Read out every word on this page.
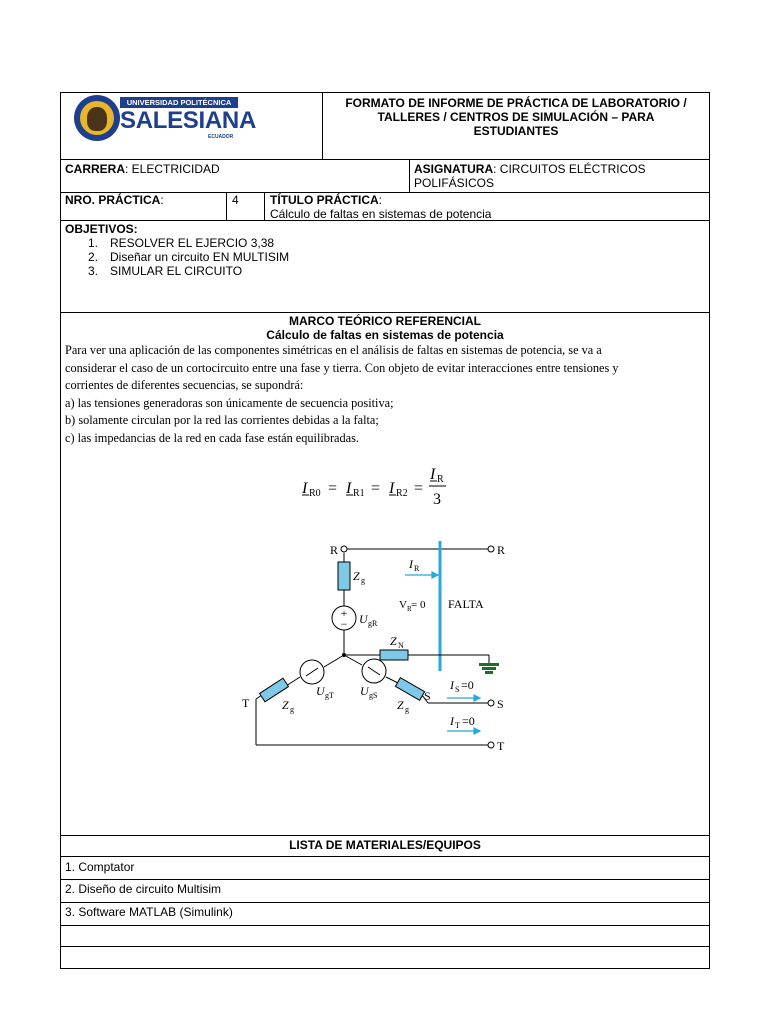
UNIVERSIDAD POLITÉCNICA
SALESIANA
ECUADOR
FORMATO DE INFORME DE PRÁCTICA DE LABORATORIO /
TALLERES / CENTROS DE SIMULACIÓN – PARA
ESTUDIANTES
CARRERA: ELECTRICIDAD	ASIGNATURA: CIRCUITOS ELÉCTRICOS
POLIFÁSICOS
NRO. PRÁCTICA:	4	TÍTULO PRÁCTICA:
Cálculo de faltas en sistemas de potencia
OBJETIVOS:
1. RESOLVER EL EJERCIO 3,38
2. Diseñar un circuito EN MULTISIM
3. SIMULAR EL CIRCUITO
MARCO TEÓRICO REFERENCIAL
Cálculo de faltas en sistemas de potencia
Para ver una aplicación de las componentes simétricas en el análisis de faltas en sistemas de potencia, se va a
considerar el caso de un cortocircuito entre una fase y tierra. Con objeto de evitar interacciones entre tensiones y
corrientes de diferentes secuencias, se supondrá:
a) las tensiones generadoras son únicamente de secuencia positiva;
b) solamente circulan por la red las corrientes debidas a la falta;
c) las impedancias de la red en cada fase están equilibradas.
I R0 = I R1 = I R2 =
I R
3
+
−
R	R
S
T
T	S
Z g
U gR
Z N
U gT U gS
Z g	Z g
I R
I S =0
I T =0
V R = 0 FALTA
LISTA DE MATERIALES/EQUIPOS
1. Comptator
2. Diseño de circuito Multisim
3. Software MATLAB (Simulink)
